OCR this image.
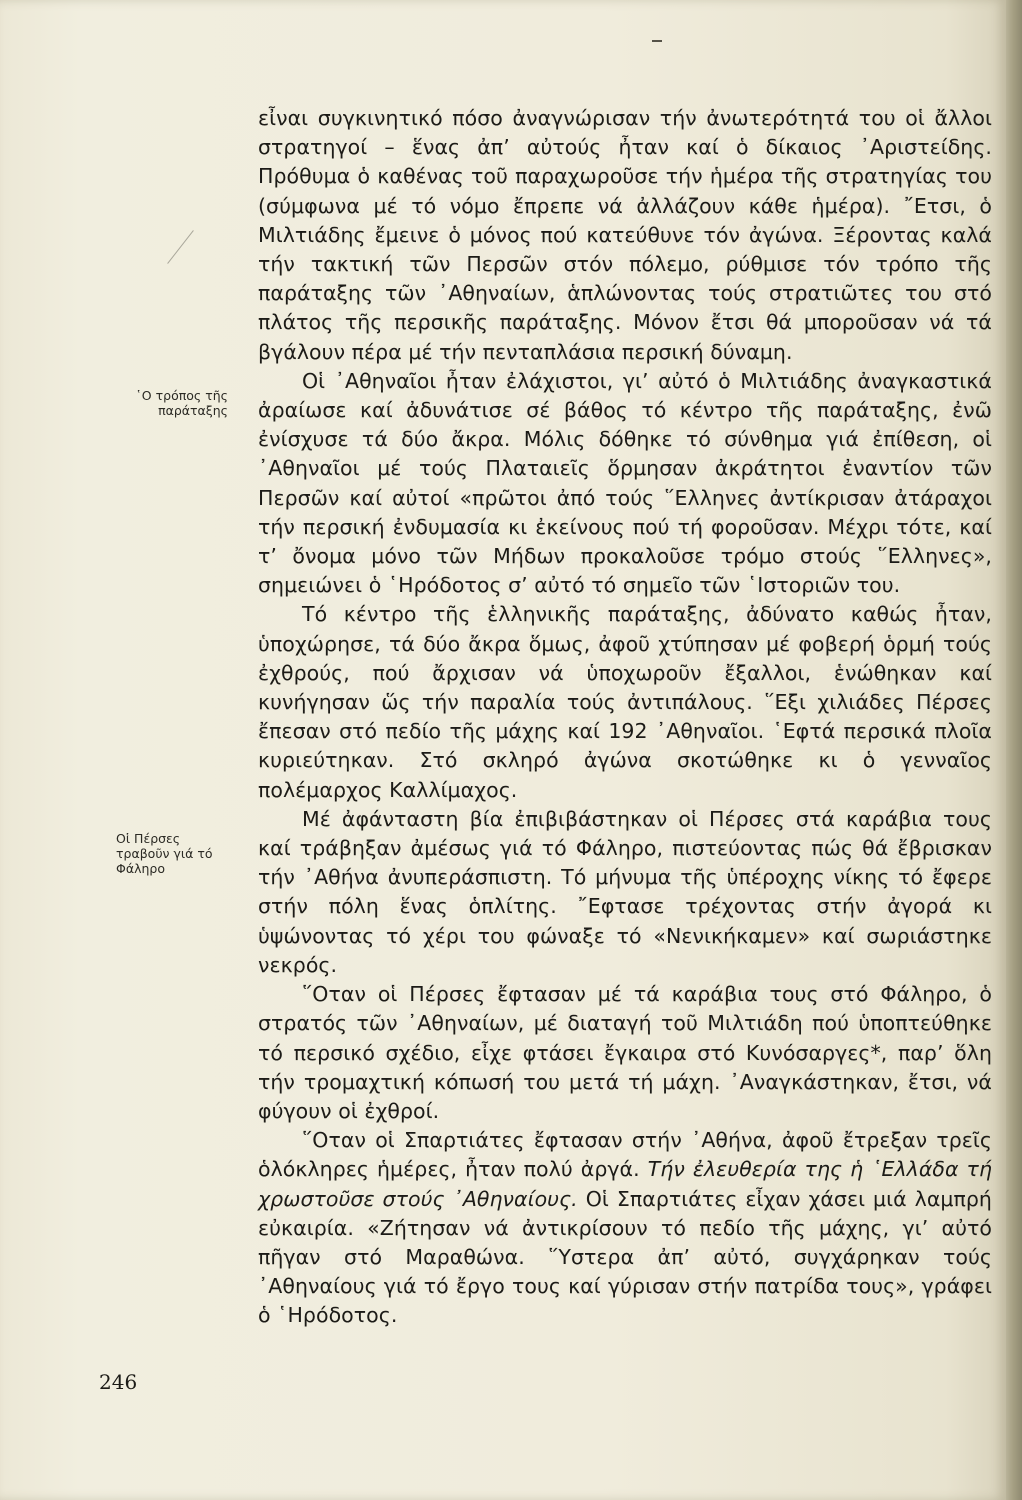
εἶναι συγκινητικό πόσο ἀναγνώρισαν τήν ἀνωτερότητά του οἱ ἄλλοι στρατηγοί – ἕνας ἀπ’ αὐτούς ἦταν καί ὁ δίκαιος ᾽Αριστείδης. Πρόθυμα ὁ καθένας τοῦ παραχωροῦσε τήν ἡμέρα τῆς στρατηγίας του (σύμφωνα μέ τό νόμο ἔπρεπε νά ἀλλάζουν κάθε ἡμέρα). ῎Ετσι, ὁ Μιλτιάδης ἔμεινε ὁ μόνος πού κατεύθυνε τόν ἀγώνα. Ξέροντας καλά τήν τακτική τῶν Περσῶν στόν πόλεμο, ρύθμισε τόν τρόπο τῆς παράταξης τῶν ᾽Αθηναίων, ἁπλώνοντας τούς στρατιῶτες του στό πλάτος τῆς περσικῆς παράταξης. Μόνον ἔτσι θά μποροῦσαν νά τά βγάλουν πέρα μέ τήν πενταπλάσια περσική δύναμη.

Οἱ ᾽Αθηναῖοι ἦταν ἐλάχιστοι, γι’ αὐτό ὁ Μιλτιάδης ἀναγκαστικά ἀραίωσε καί ἀδυνάτισε σέ βάθος τό κέντρο τῆς παράταξης, ἐνῶ ἐνίσχυσε τά δύο ἄκρα. Μόλις δόθηκε τό σύνθημα γιά ἐπίθεση, οἱ ᾽Αθηναῖοι μέ τούς Πλαταιεῖς ὅρμησαν ἀκράτητοι ἐναντίον τῶν Περσῶν καί αὐτοί «πρῶτοι ἀπό τούς ῞Ελληνες ἀντίκρισαν ἀτάραχοι τήν περσική ἐνδυμασία κι ἐκείνους πού τή φοροῦσαν. Μέχρι τότε, καί τ’ ὄνομα μόνο τῶν Μήδων προκαλοῦσε τρόμο στούς ῞Ελληνες», σημειώνει ὁ ῾Ηρόδοτος σ’ αὐτό τό σημεῖο τῶν ῾Ιστοριῶν του.

Τό κέντρο τῆς ἑλληνικῆς παράταξης, ἀδύνατο καθώς ἦταν, ὑποχώρησε, τά δύο ἄκρα ὅμως, ἀφοῦ χτύπησαν μέ φοβερή ὁρμή τούς ἐχθρούς, πού ἄρχισαν νά ὑποχωροῦν ἔξαλλοι, ἑνώθηκαν καί κυνήγησαν ὥς τήν παραλία τούς ἀντιπάλους. ῞Εξι χιλιάδες Πέρσες ἔπεσαν στό πεδίο τῆς μάχης καί 192 ᾽Αθηναῖοι. ῾Εφτά περσικά πλοῖα κυριεύτηκαν. Στό σκληρό ἀγώνα σκοτώθηκε κι ὁ γενναῖος πολέμαρχος Καλλίμαχος.

Μέ ἀφάνταστη βία ἐπιβιβάστηκαν οἱ Πέρσες στά καράβια τους καί τράβηξαν ἀμέσως γιά τό Φάληρο, πιστεύοντας πώς θά ἔβρισκαν τήν ᾽Αθήνα ἀνυπεράσπιστη. Τό μήνυμα τῆς ὑπέροχης νίκης τό ἔφερε στήν πόλη ἕνας ὁπλίτης. ῎Εφτασε τρέχοντας στήν ἀγορά κι ὑψώνοντας τό χέρι του φώναξε τό «Νενικήκαμεν» καί σωριάστηκε νεκρός.

῞Οταν οἱ Πέρσες ἔφτασαν μέ τά καράβια τους στό Φάληρο, ὁ στρατός τῶν ᾽Αθηναίων, μέ διαταγή τοῦ Μιλτιάδη πού ὑποπτεύθηκε τό περσικό σχέδιο, εἶχε φτάσει ἔγκαιρα στό Κυνόσαργες*, παρ’ ὅλη τήν τρομαχτική κόπωσή του μετά τή μάχη. ᾽Αναγκάστηκαν, ἔτσι, νά φύγουν οἱ ἐχθροί.

῞Οταν οἱ Σπαρτιάτες ἔφτασαν στήν ᾽Αθήνα, ἀφοῦ ἔτρεξαν τρεῖς ὁλόκληρες ἡμέρες, ἦταν πολύ ἀργά. Τήν ἐλευθερία της ἡ ῾Ελλάδα τή χρωστοῦσε στούς ᾽Αθηναίους. Οἱ Σπαρτιάτες εἶχαν χάσει μιά λαμπρή εὐκαιρία. «Ζήτησαν νά ἀντικρίσουν τό πεδίο τῆς μάχης, γι’ αὐτό πῆγαν στό Μαραθώνα. ῞Υστερα ἀπ’ αὐτό, συγχάρηκαν τούς ᾽Αθηναίους γιά τό ἔργο τους καί γύρισαν στήν πατρίδα τους», γράφει ὁ ῾Ηρόδοτος.

῾Ο τρόπος τῆς παράταξης
Οἱ Πέρσες τραβοῦν γιά τό Φάληρο
246
